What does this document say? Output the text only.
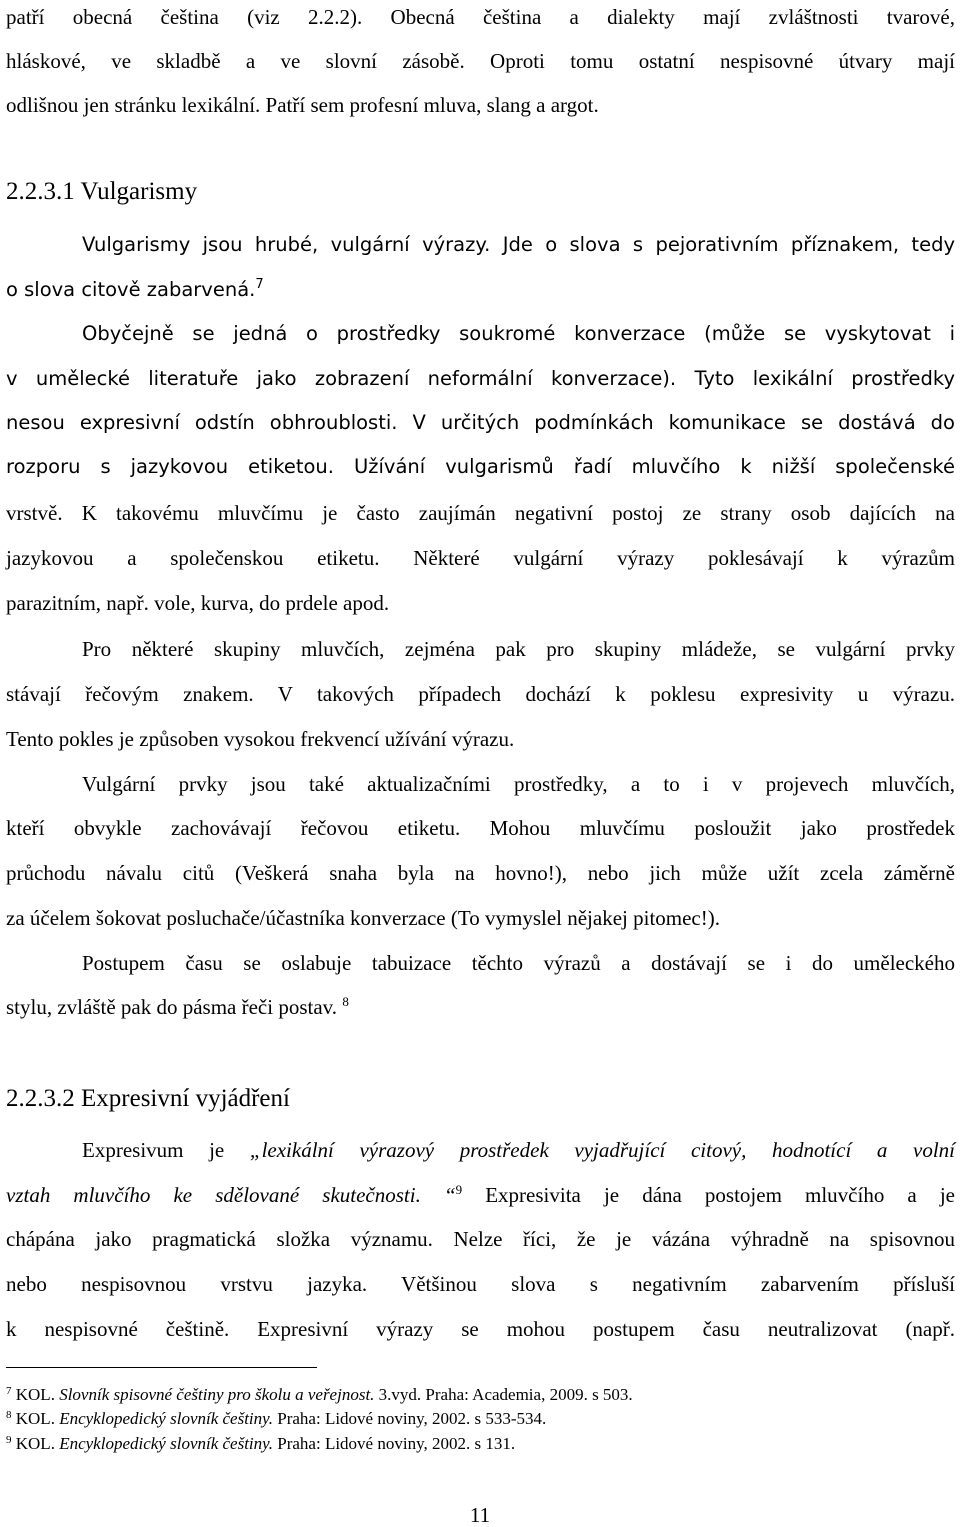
patří obecná čeština (viz 2.2.2). Obecná čeština a dialekty mají zvláštnosti tvarové,
hláskové, ve skladbě a ve slovní zásobě. Oproti tomu ostatní nespisovné útvary mají
odlišnou jen stránku lexikální. Patří sem profesní mluva, slang a argot.
2.2.3.1 Vulgarismy
Vulgarismy jsou hrubé, vulgární výrazy. Jde o slova s pejorativním příznakem, tedy
o slova citově zabarvená.$^7$
Obyčejně se jedná o prostředky soukromé konverzace (může se vyskytovat i
v umělecké literatuře jako zobrazení neformální konverzace). Tyto lexikální prostředky
nesou expresivní odstín obhroublosti. V určitých podmínkách komunikace se dostává do
rozporu s jazykovou etiketou. Užívání vulgarismů řadí mluvčího k nižší společenské
vrstvě. K takovému mluvčímu je často zaujímán negativní postoj ze strany osob dajících na
jazykovou a společenskou etiketu. Některé vulgární výrazy poklesávají k výrazům
parazitním, např. vole, kurva, do prdele apod.
Pro některé skupiny mluvčích, zejména pak pro skupiny mládeže, se vulgární prvky
stávají řečovým znakem. V takových případech dochází k poklesu expresivity u výrazu.
Tento pokles je způsoben vysokou frekvencí užívání výrazu.
Vulgární prvky jsou také aktualizačními prostředky, a to i v projevech mluvčích,
kteří obvykle zachovávají řečovou etiketu. Mohou mluvčímu posloužit jako prostředek
průchodu návalu citů (Veškerá snaha byla na hovno!), nebo jich může užít zcela záměrně
za účelem šokovat posluchače/účastníka konverzace (To vymyslel nějakej pitomec!).
Postupem času se oslabuje tabuizace těchto výrazů a dostávají se i do uměleckého
stylu, zvláště pak do pásma řeči postav. $^8$
2.2.3.2 Expresivní vyjádření
Expresivum je „lexikální výrazový prostředek vyjadřující citový, hodnotící a volní
vztah mluvčího ke sdělované skutečnosti. “$^9$ Expresivita je dána postojem mluvčího a je
chápána jako pragmatická složka významu. Nelze říci, že je vázána výhradně na spisovnou
nebo nespisovnou vrstvu jazyka. Většinou slova s negativním zabarvením přísluší
k nespisovné češtině. Expresivní výrazy se mohou postupem času neutralizovat (např.
$^7$ KOL. Slovník spisovné češtiny pro školu a veřejnost. 3.vyd. Praha: Academia, 2009. s 503.
$^8$ KOL. Encyklopedický slovník češtiny. Praha: Lidové noviny, 2002. s 533-534.
$^9$ KOL. Encyklopedický slovník češtiny. Praha: Lidové noviny, 2002. s 131.
11
